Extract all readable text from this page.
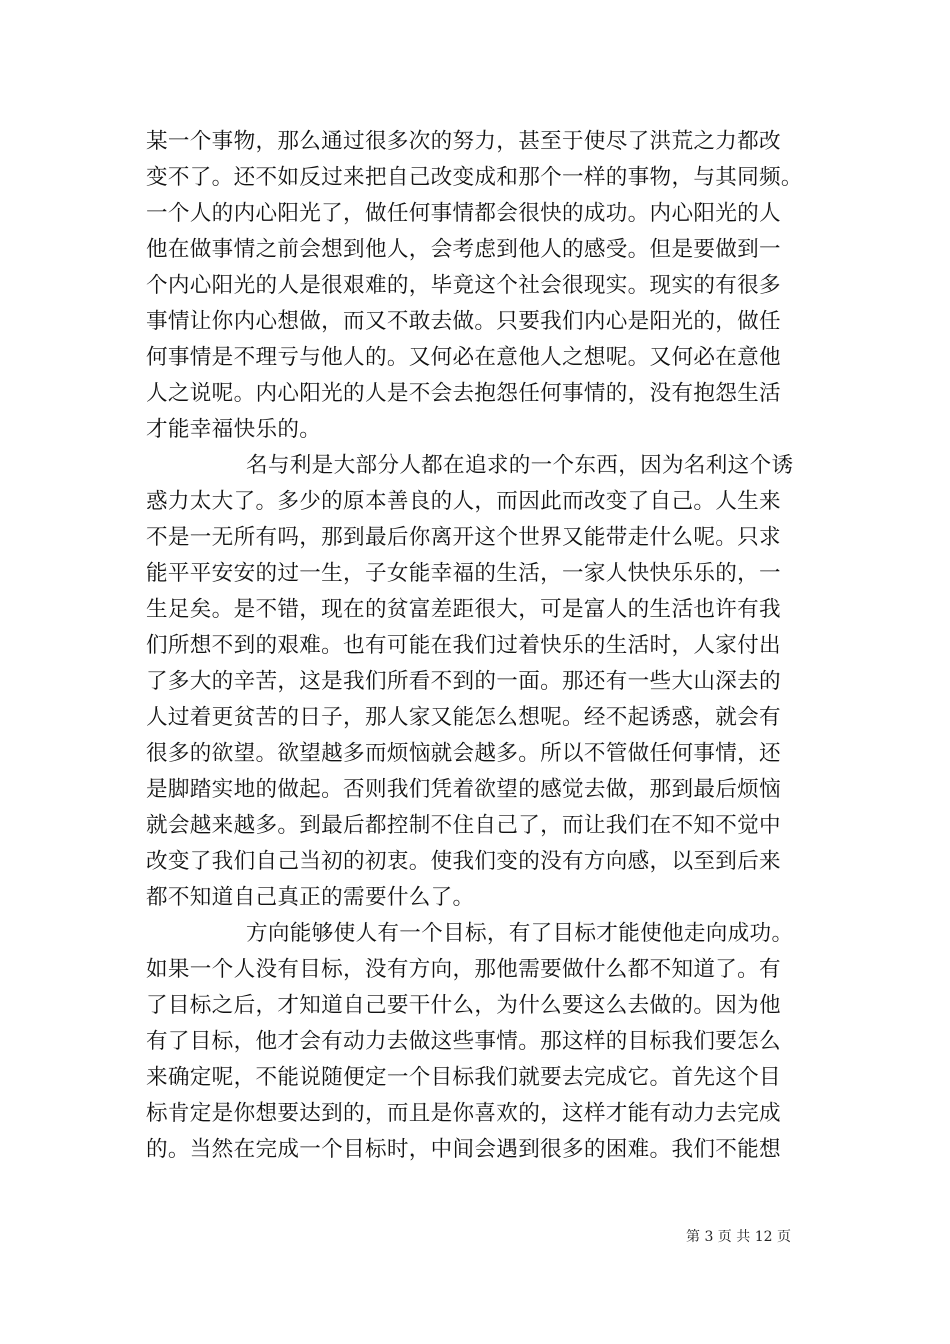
某一个事物，那么通过很多次的努力，甚至于使尽了洪荒之力都改
变不了。还不如反过来把自己改变成和那个一样的事物，与其同频。
一个人的内心阳光了，做任何事情都会很快的成功。内心阳光的人
他在做事情之前会想到他人，会考虑到他人的感受。但是要做到一
个内心阳光的人是很艰难的，毕竟这个社会很现实。现实的有很多
事情让你内心想做，而又不敢去做。只要我们内心是阳光的，做任
何事情是不理亏与他人的。又何必在意他人之想呢。又何必在意他
人之说呢。内心阳光的人是不会去抱怨任何事情的，没有抱怨生活
才能幸福快乐的。
名与利是大部分人都在追求的一个东西，因为名利这个诱
惑力太大了。多少的原本善良的人，而因此而改变了自己。人生来
不是一无所有吗，那到最后你离开这个世界又能带走什么呢。只求
能平平安安的过一生，子女能幸福的生活，一家人快快乐乐的，一
生足矣。是不错，现在的贫富差距很大，可是富人的生活也许有我
们所想不到的艰难。也有可能在我们过着快乐的生活时，人家付出
了多大的辛苦，这是我们所看不到的一面。那还有一些大山深去的
人过着更贫苦的日子，那人家又能怎么想呢。经不起诱惑，就会有
很多的欲望。欲望越多而烦恼就会越多。所以不管做任何事情，还
是脚踏实地的做起。否则我们凭着欲望的感觉去做，那到最后烦恼
就会越来越多。到最后都控制不住自己了，而让我们在不知不觉中
改变了我们自己当初的初衷。使我们变的没有方向感，以至到后来
都不知道自己真正的需要什么了。
方向能够使人有一个目标，有了目标才能使他走向成功。
如果一个人没有目标，没有方向，那他需要做什么都不知道了。有
了目标之后，才知道自己要干什么，为什么要这么去做的。因为他
有了目标，他才会有动力去做这些事情。那这样的目标我们要怎么
来确定呢，不能说随便定一个目标我们就要去完成它。首先这个目
标肯定是你想要达到的，而且是你喜欢的，这样才能有动力去完成
的。当然在完成一个目标时，中间会遇到很多的困难。我们不能想
第 3 页 共 12 页
